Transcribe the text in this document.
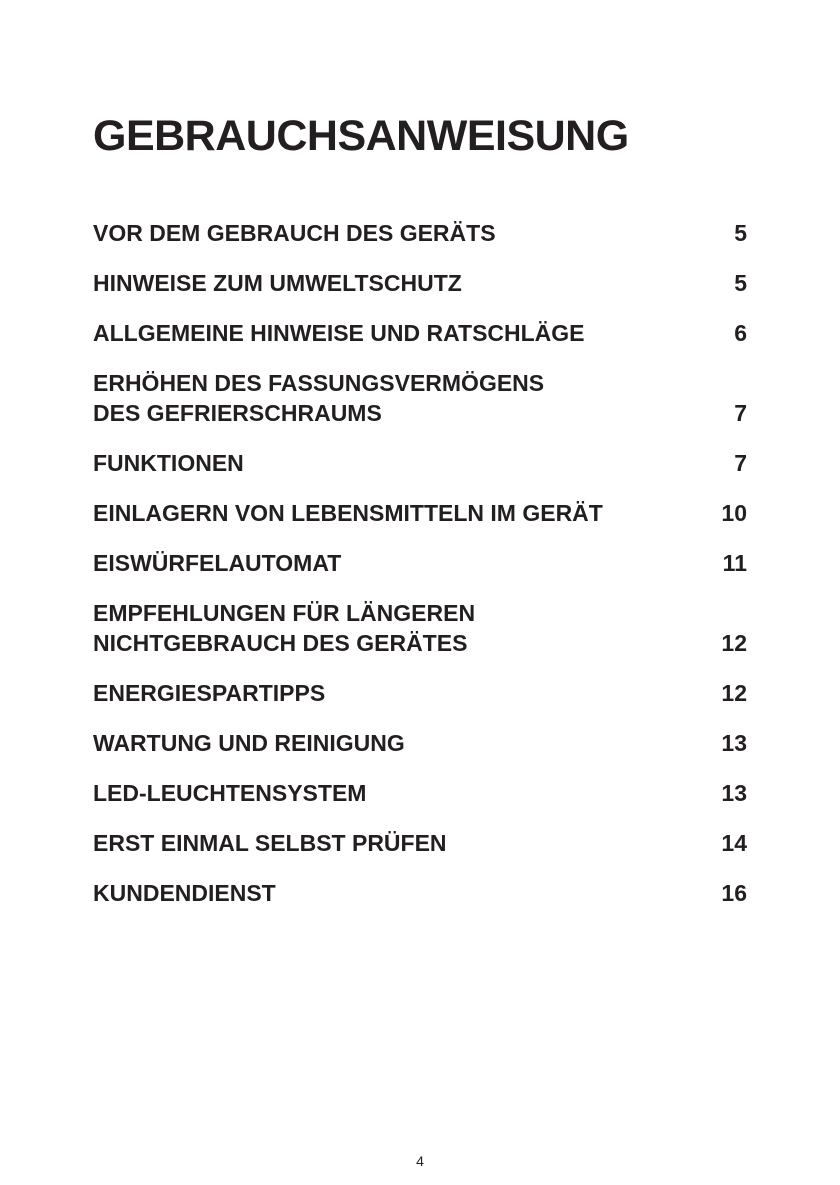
GEBRAUCHSANWEISUNG
VOR DEM GEBRAUCH DES GERÄTS	5
HINWEISE ZUM UMWELTSCHUTZ	5
ALLGEMEINE HINWEISE UND RATSCHLÄGE	6
ERHÖHEN DES FASSUNGSVERMÖGENS
DES GEFRIERSCHRAUMS	7
FUNKTIONEN	7
EINLAGERN VON LEBENSMITTELN IM GERÄT	10
EISWÜRFELAUTOMAT	11
EMPFEHLUNGEN FÜR LÄNGEREN
NICHTGEBRAUCH DES GERÄTES	12
ENERGIESPARTIPPS	12
WARTUNG UND REINIGUNG	13
LED-LEUCHTENSYSTEM	13
ERST EINMAL SELBST PRÜFEN	14
KUNDENDIENST	16
4
